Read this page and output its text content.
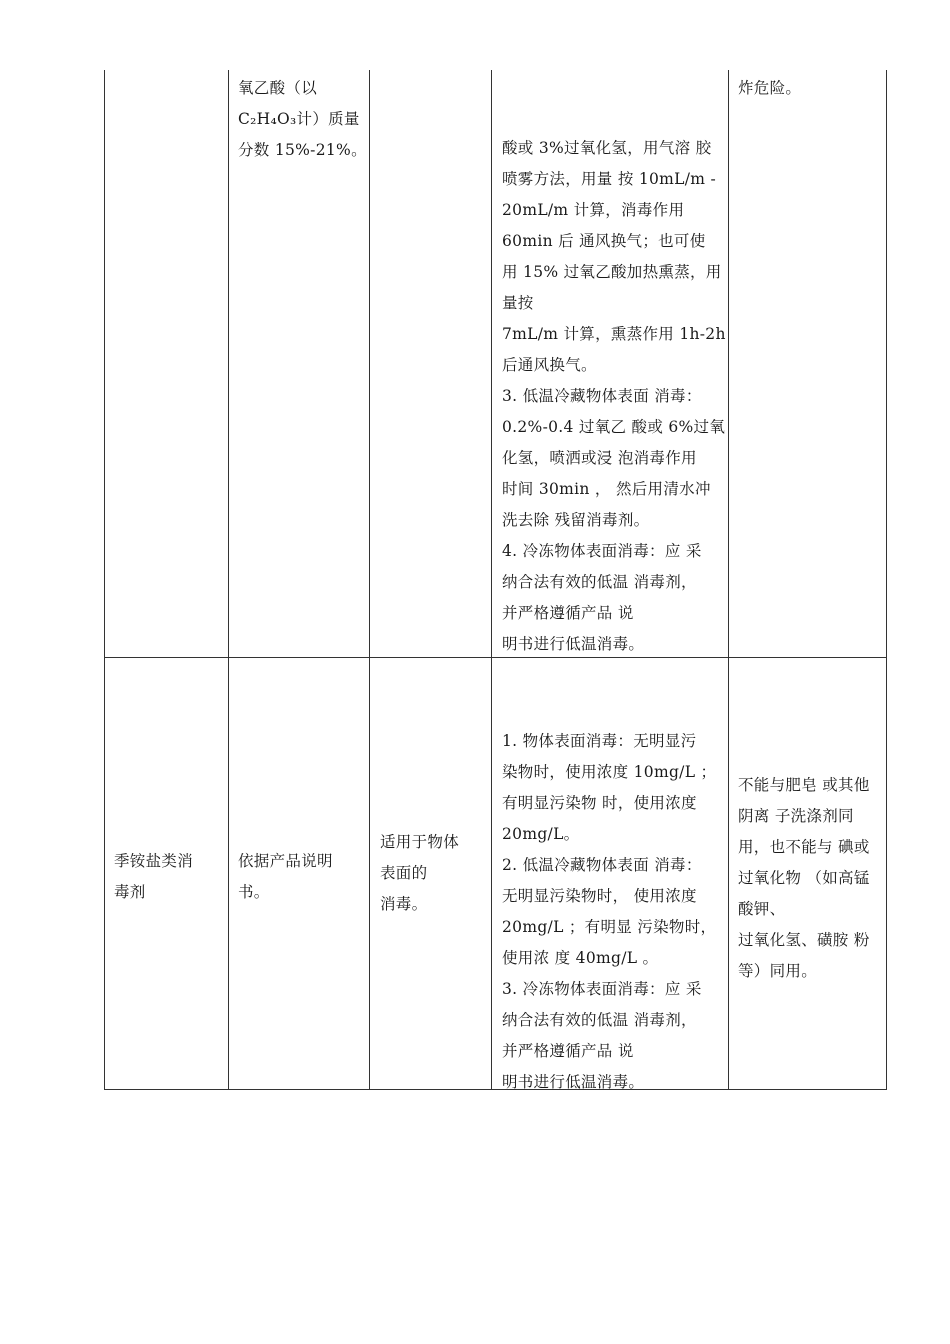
氧乙酸（以
C₂H₄O₃计）质量
分数 15%-21%。	酸或 3%过氧化氢，用气溶 胶
喷雾方法，用量 按 10mL/m -
20mL/m 计算，消毒作用
60min 后 通风换气；也可使
用 15% 过氧乙酸加热熏蒸，用
量按
7mL/m 计算，熏蒸作用 1h-2h
后通风换气。
3. 低温冷藏物体表面 消毒：
0.2%-0.4 过氧乙 酸或 6%过氧
化氢，喷洒或浸 泡消毒作用
时间 30min ， 然后用清水冲
洗去除 残留消毒剂。
4. 冷冻物体表面消毒：应 采
纳合法有效的低温 消毒剂，
并严格遵循产品 说
明书进行低温消毒。
炸危险。
季铵盐类消
毒剂
依据产品说明
书。
适用于物体
表面的
消毒。
1. 物体表面消毒：无明显污
染物时，使用浓度 10mg/L ；
有明显污染物 时，使用浓度
20mg/L。
2. 低温冷藏物体表面 消毒：
无明显污染物时， 使用浓度
20mg/L ；有明显 污染物时，
使用浓 度 40mg/L 。
3. 冷冻物体表面消毒：应 采
纳合法有效的低温 消毒剂，
并严格遵循产品 说
明书进行低温消毒。
不能与肥皂 或其他
阴离 子洗涤剂同
用，也不能与 碘或
过氧化物 （如高锰
酸钾、
过氧化氢、磺胺 粉
等）同用。
